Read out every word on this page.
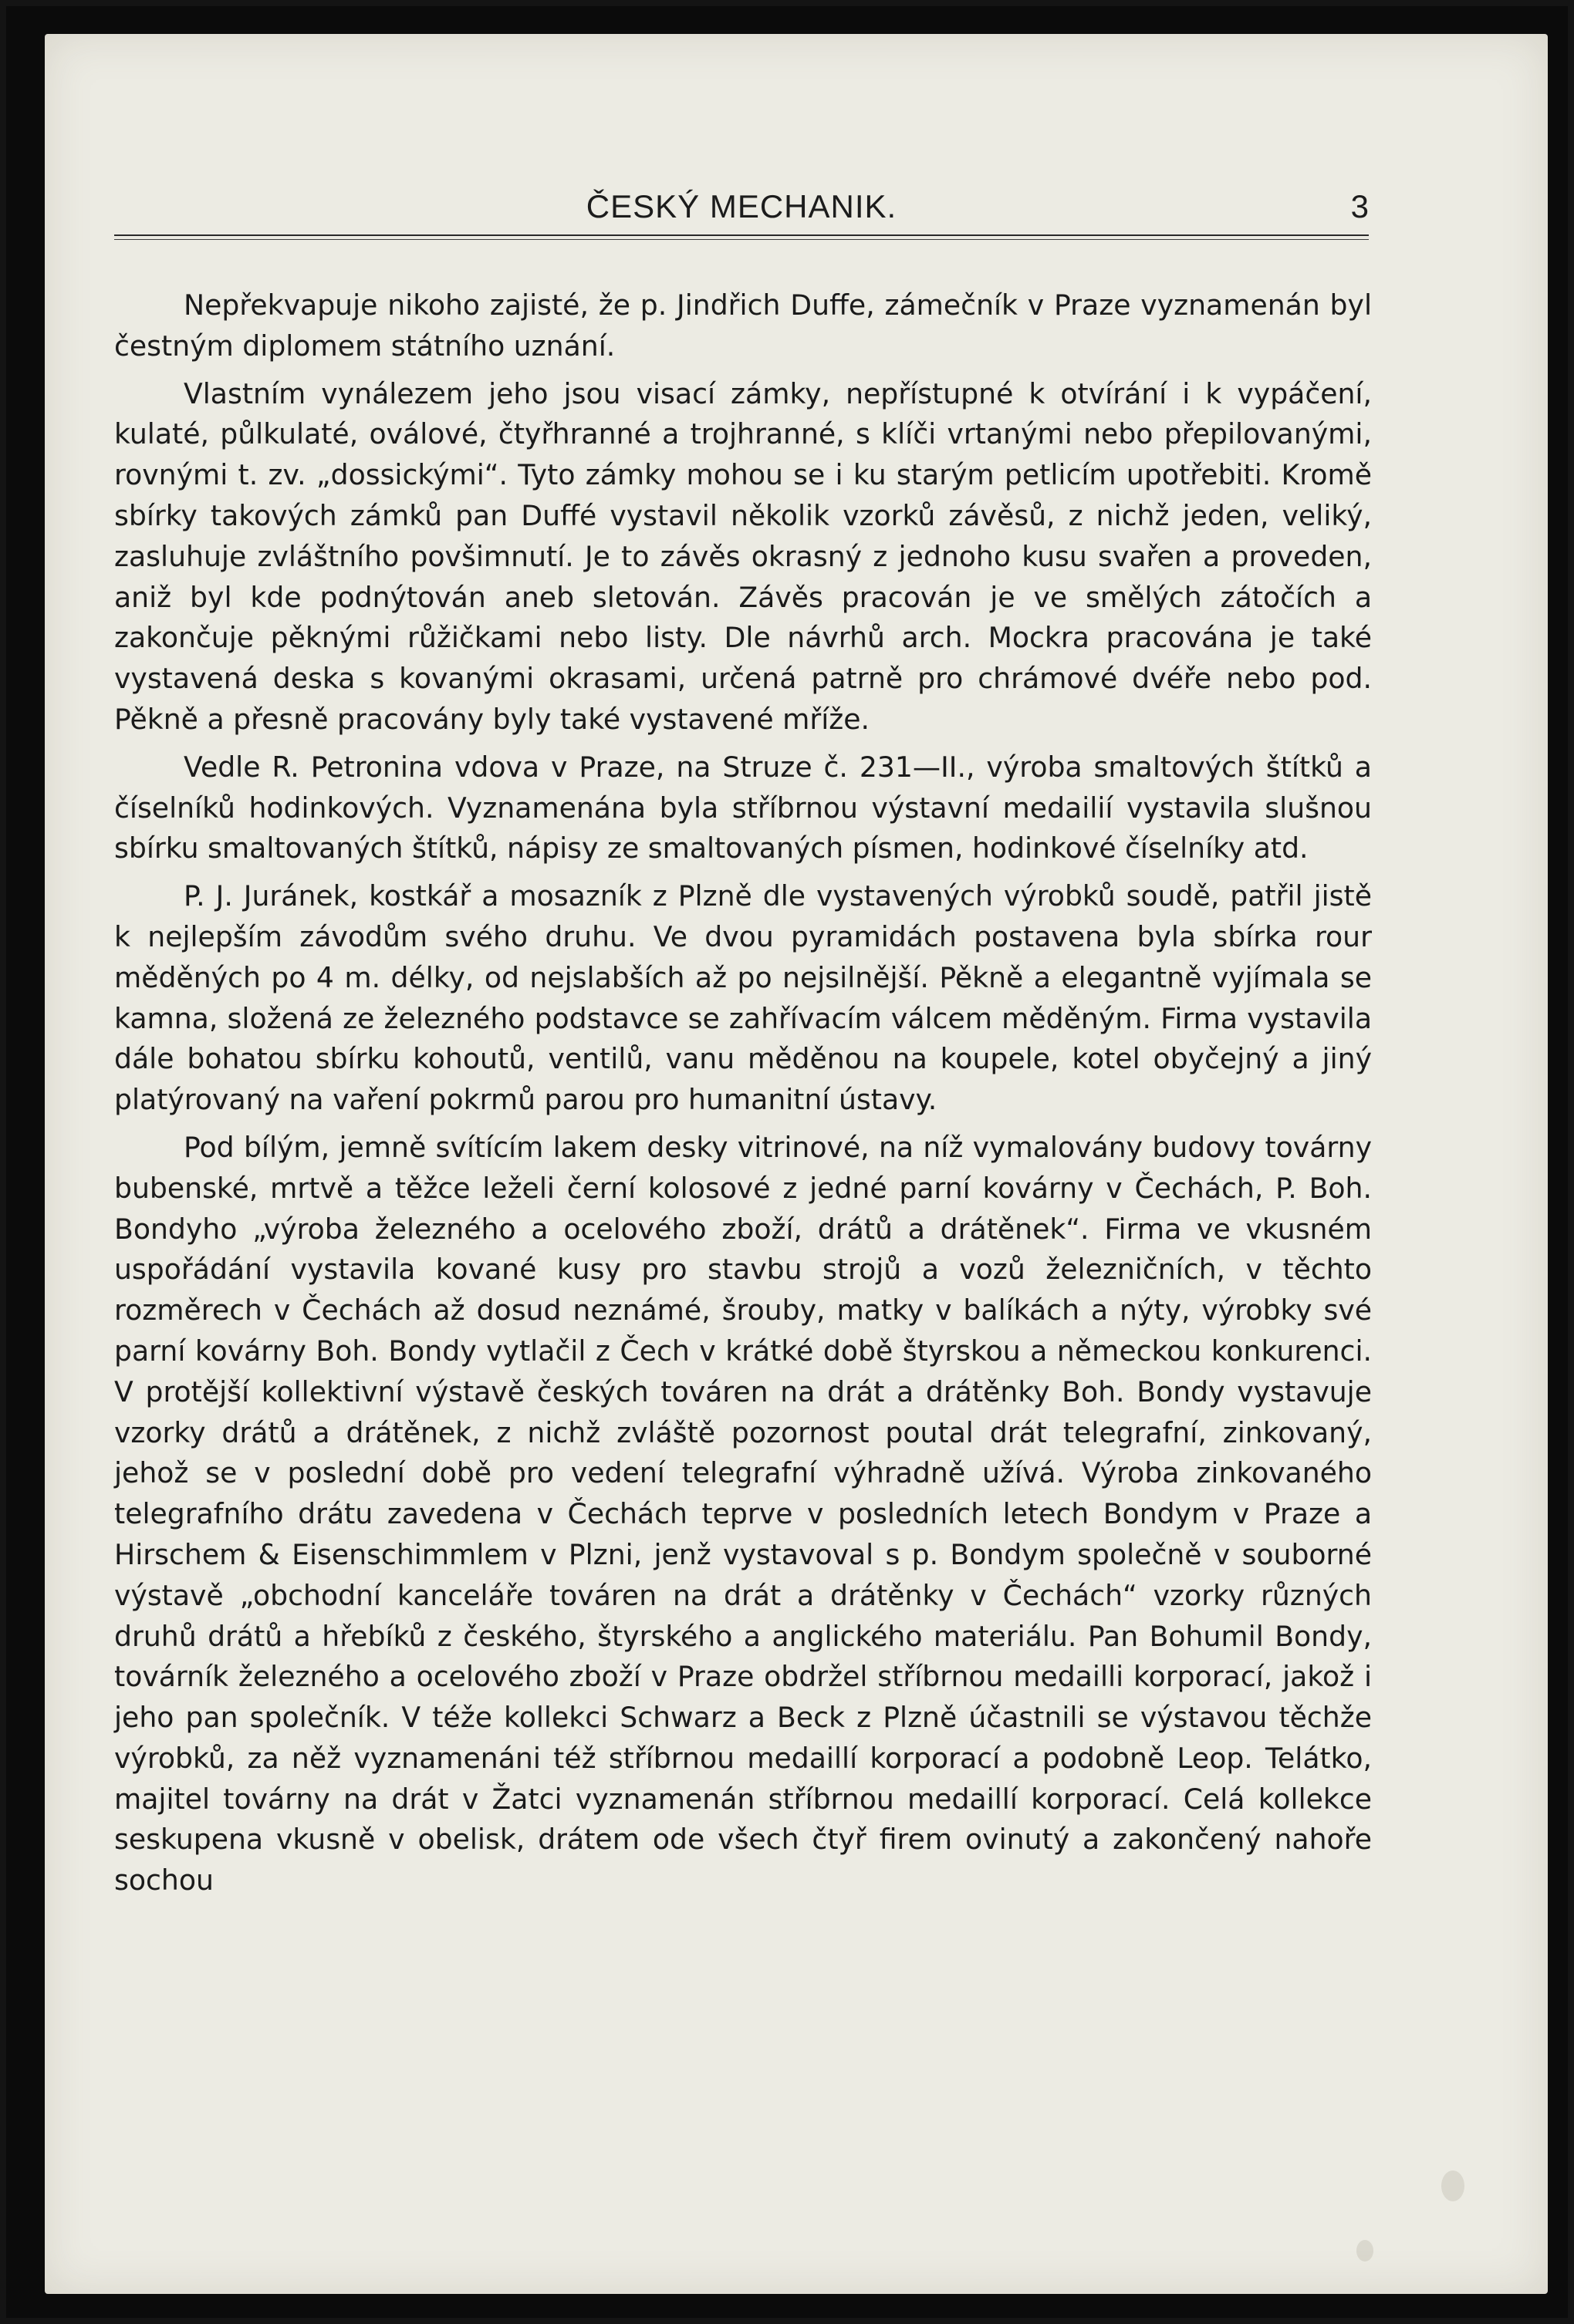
ČESKÝ MECHANIK.	3

Nepřekvapuje nikoho zajisté, že p. Jindřich Duffe, zámečník v Praze vyznamenán byl čestným diplomem státního uznání.

Vlastním vynálezem jeho jsou visací zámky, nepřístupné k otvírání i k vypáčení, kulaté, půlkulaté, oválové, čtyřhranné a trojhranné, s klíči vrtanými nebo přepilovanými, rovnými t. zv. „dossickými“. Tyto zámky mohou se i ku starým petlicím upotřebiti. Kromě sbírky takových zámků pan Duffé vystavil několik vzorků závěsů, z nichž jeden, veliký, zasluhuje zvláštního povšimnutí. Je to závěs okrasný z jednoho kusu svařen a proveden, aniž byl kde podnýtován aneb sletován. Závěs pracován je ve smělých zátočích a zakončuje pěknými růžičkami nebo listy. Dle návrhů arch. Mockra pracována je také vystavená deska s kovanými okrasami, určená patrně pro chrámové dvéře nebo pod. Pěkně a přesně pracovány byly také vystavené mříže.

Vedle R. Petronina vdova v Praze, na Struze č. 231—II., výroba smaltových štítků a číselníků hodinkových. Vyznamenána byla stříbrnou výstavní medailií vystavila slušnou sbírku smaltovaných štítků, nápisy ze smaltovaných písmen, hodinkové číselníky atd.

P. J. Juránek, kostkář a mosazník z Plzně dle vystavených výrobků soudě, patřil jistě k nejlepším závodům svého druhu. Ve dvou pyramidách postavena byla sbírka rour měděných po 4 m. délky, od nejslabších až po nejsilnější. Pěkně a elegantně vyjímala se kamna, složená ze železného podstavce se zahřívacím válcem měděným. Firma vystavila dále bohatou sbírku kohoutů, ventilů, vanu měděnou na koupele, kotel obyčejný a jiný platýrovaný na vaření pokrmů parou pro humanitní ústavy.

Pod bílým, jemně svítícím lakem desky vitrinové, na níž vymalovány budovy továrny bubenské, mrtvě a těžce leželi černí kolosové z jedné parní kovárny v Čechách, P. Boh. Bondyho „výroba železného a ocelového zboží, drátů a drátěnek“. Firma ve vkusném uspořádání vystavila kované kusy pro stavbu strojů a vozů železničních, v těchto rozměrech v Čechách až dosud neznámé, šrouby, matky v balíkách a nýty, výrobky své parní kovárny Boh. Bondy vytlačil z Čech v krátké době štyrskou a německou konkurenci. V protější kollektivní výstavě českých továren na drát a drátěnky Boh. Bondy vystavuje vzorky drátů a drátěnek, z nichž zvláště pozornost poutal drát telegrafní, zinkovaný, jehož se v poslední době pro vedení telegrafní výhradně užívá. Výroba zinkovaného telegrafního drátu zavedena v Čechách teprve v posledních letech Bondym v Praze a Hirschem & Eisenschimmlem v Plzni, jenž vystavoval s p. Bondym společně v souborné výstavě „obchodní kanceláře továren na drát a drátěnky v Čechách“ vzorky různých druhů drátů a hřebíků z českého, štyrského a anglického materiálu. Pan Bohumil Bondy, továrník železného a ocelového zboží v Praze obdržel stříbrnou medailli korporací, jakož i jeho pan společník. V téže kollekci Schwarz a Beck z Plzně účastnili se výstavou těchže výrobků, za něž vyznamenáni též stříbrnou medaillí korporací a podobně Leop. Telátko, majitel továrny na drát v Žatci vyznamenán stříbrnou medaillí korporací. Celá kollekce seskupena vkusně v obelisk, drátem ode všech čtyř firem ovinutý a zakončený nahoře sochou
